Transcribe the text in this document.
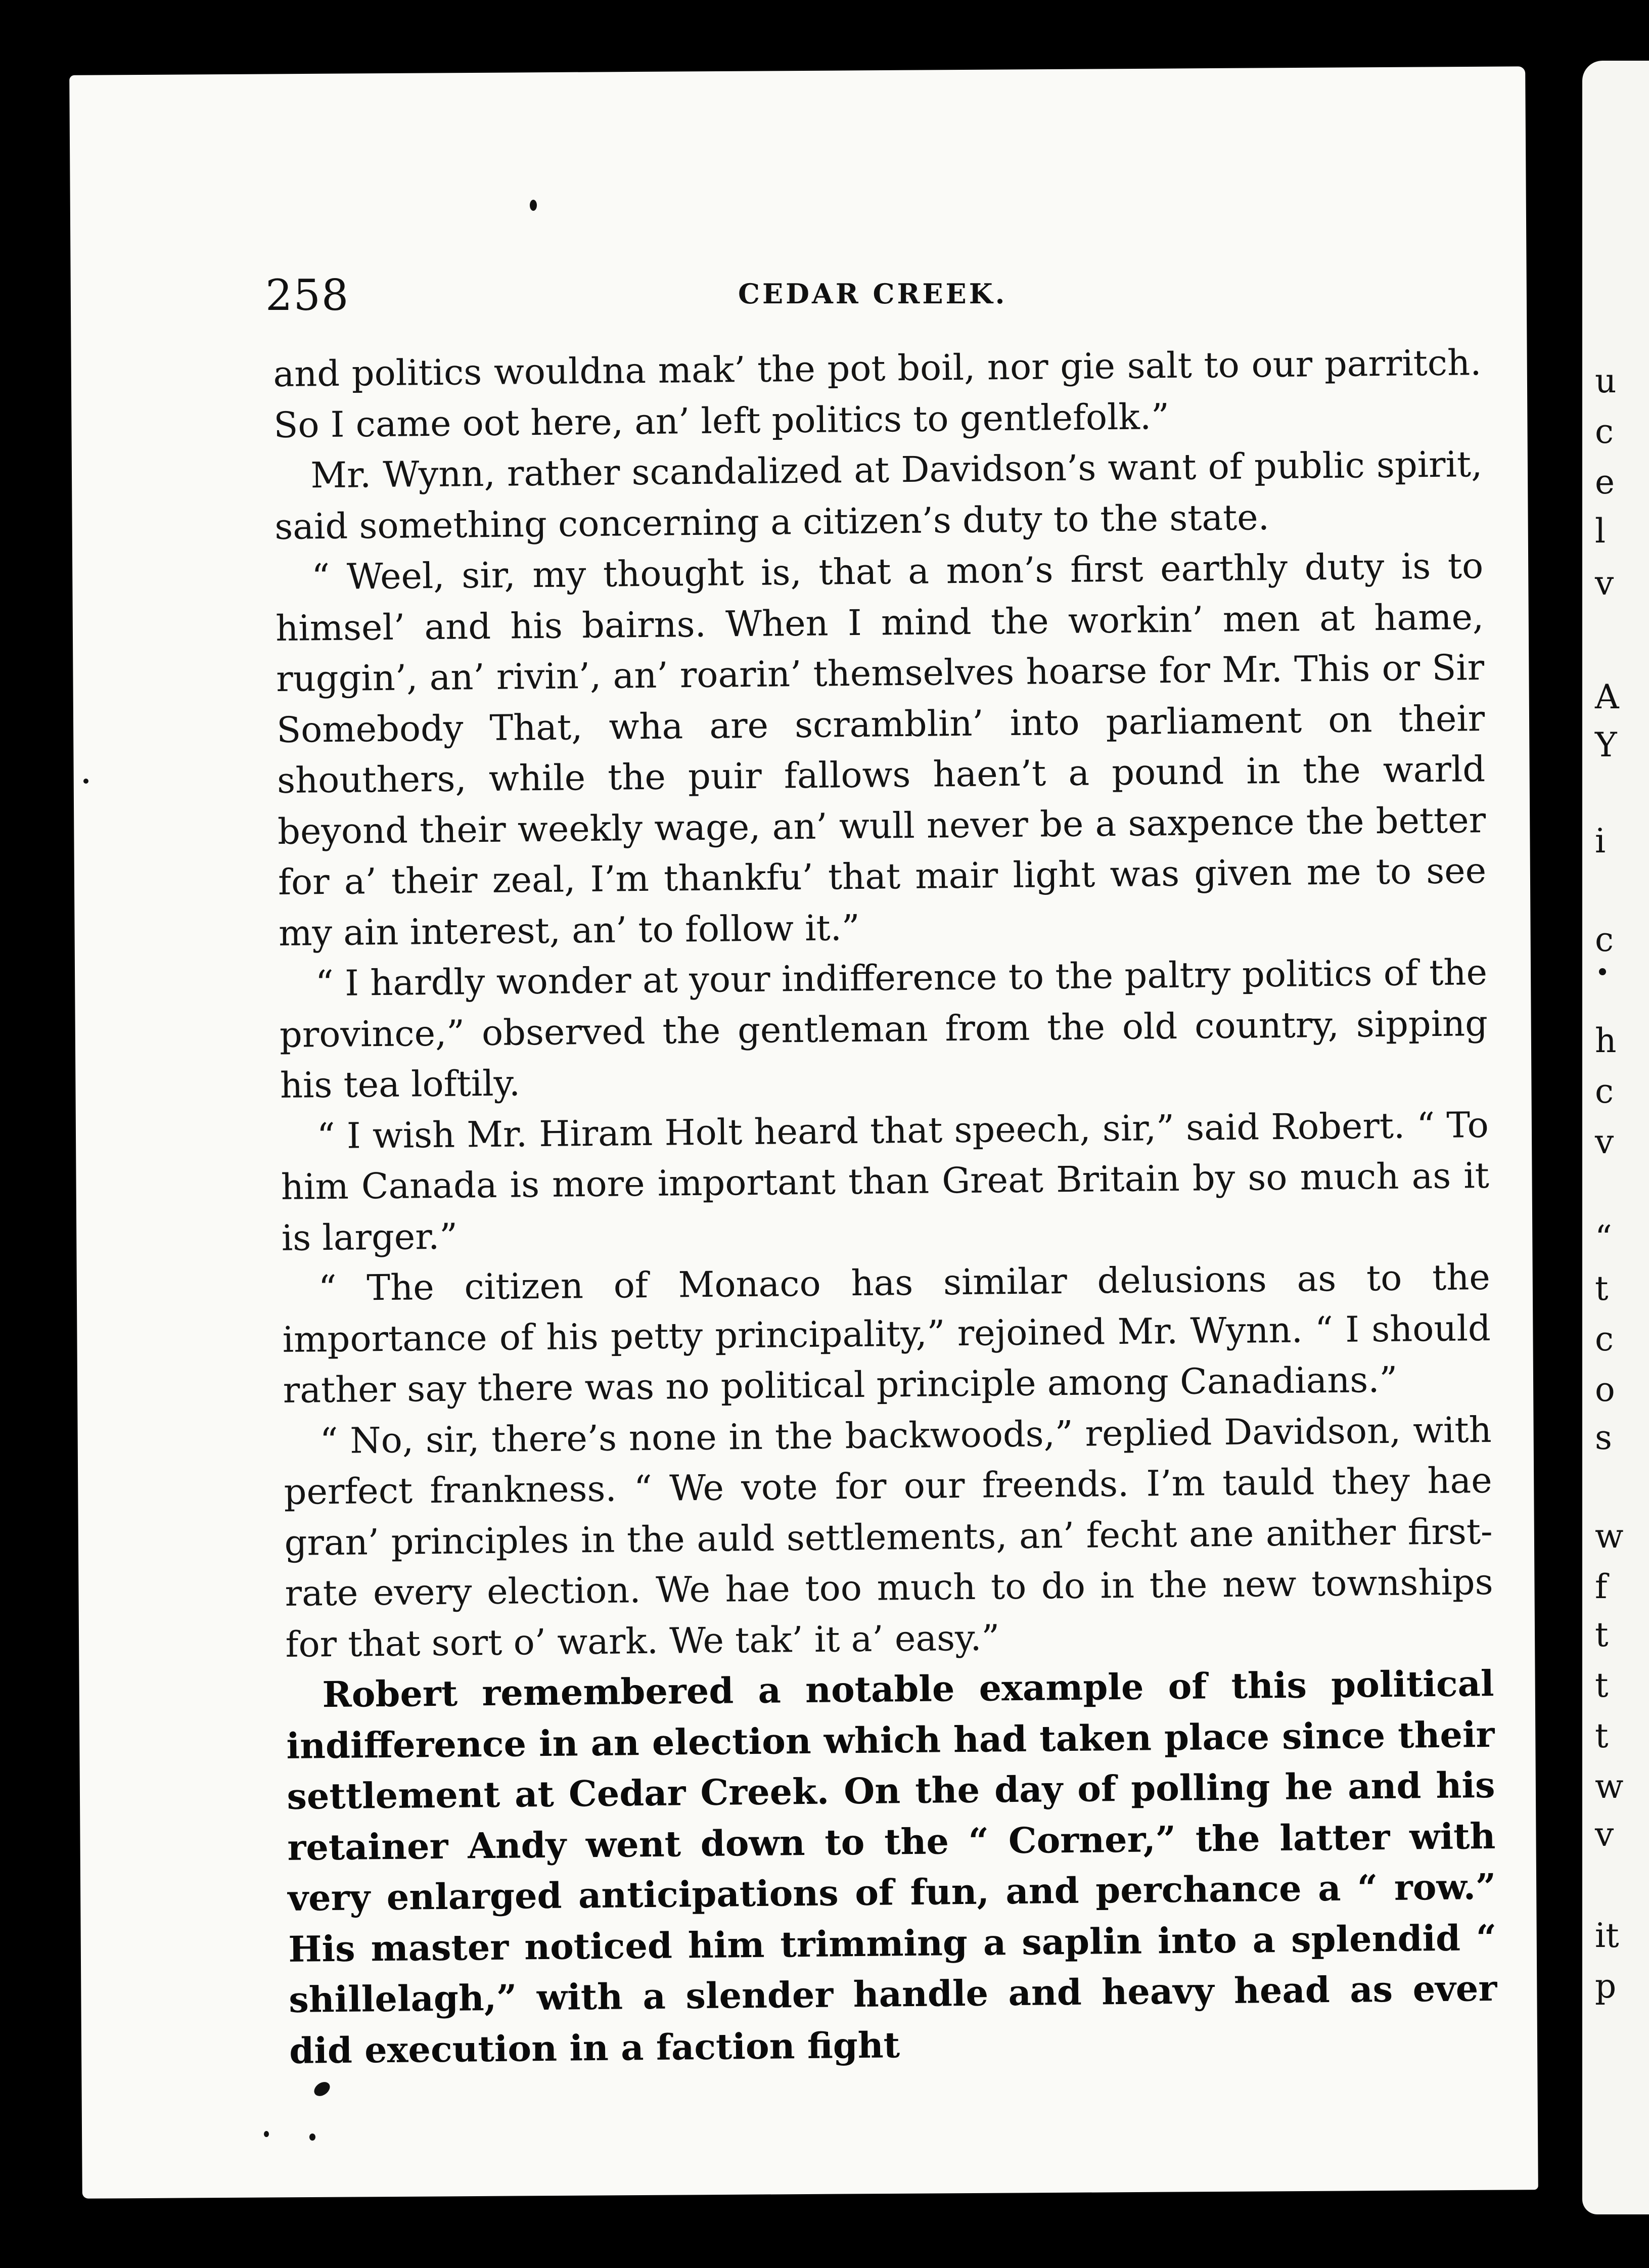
u
c
e
l
v
A
Y
i
c
h
c
v
“
t
c
o
s
w
f
t
t
t
w
v
it
p
258	CEDAR CREEK.

and politics wouldna mak’ the pot boil, nor gie salt to our parritch. So I came oot here, an’ left politics to gentlefolk.”

Mr. Wynn, rather scandalized at Davidson’s want of public spirit, said something concerning a citizen’s duty to the state.

“ Weel, sir, my thought is, that a mon’s first earthly duty is to himsel’ and his bairns. When I mind the workin’ men at hame, ruggin’, an’ rivin’, an’ roarin’ themselves hoarse for Mr. This or Sir Somebody That, wha are scramblin’ into parliament on their shouthers, while the puir fallows haen’t a pound in the warld beyond their weekly wage, an’ wull never be a saxpence the better for a’ their zeal, I’m thankfu’ that mair light was given me to see my ain interest, an’ to follow it.”

“ I hardly wonder at your indifference to the paltry politics of the province,” observed the gentleman from the old country, sipping his tea loftily.

“ I wish Mr. Hiram Holt heard that speech, sir,” said Robert. “ To him Canada is more important than Great Britain by so much as it is larger.”

“ The citizen of Monaco has similar delusions as to the importance of his petty principality,” rejoined Mr. Wynn. “ I should rather say there was no political principle among Canadians.”

“ No, sir, there’s none in the backwoods,” replied Davidson, with perfect frankness. “ We vote for our freends. I’m tauld they hae gran’ principles in the auld settlements, an’ fecht ane anither first-rate every election. We hae too much to do in the new townships for that sort o’ wark. We tak’ it a’ easy.”

Robert remembered a notable example of this political indifference in an election which had taken place since their settlement at Cedar Creek. On the day of polling he and his retainer Andy went down to the “ Corner,” the latter with very enlarged anticipations of fun, and perchance a “ row.” His master noticed him trimming a saplin into a splendid “ shillelagh,” with a slender handle and heavy head as ever did execution in a faction fight
